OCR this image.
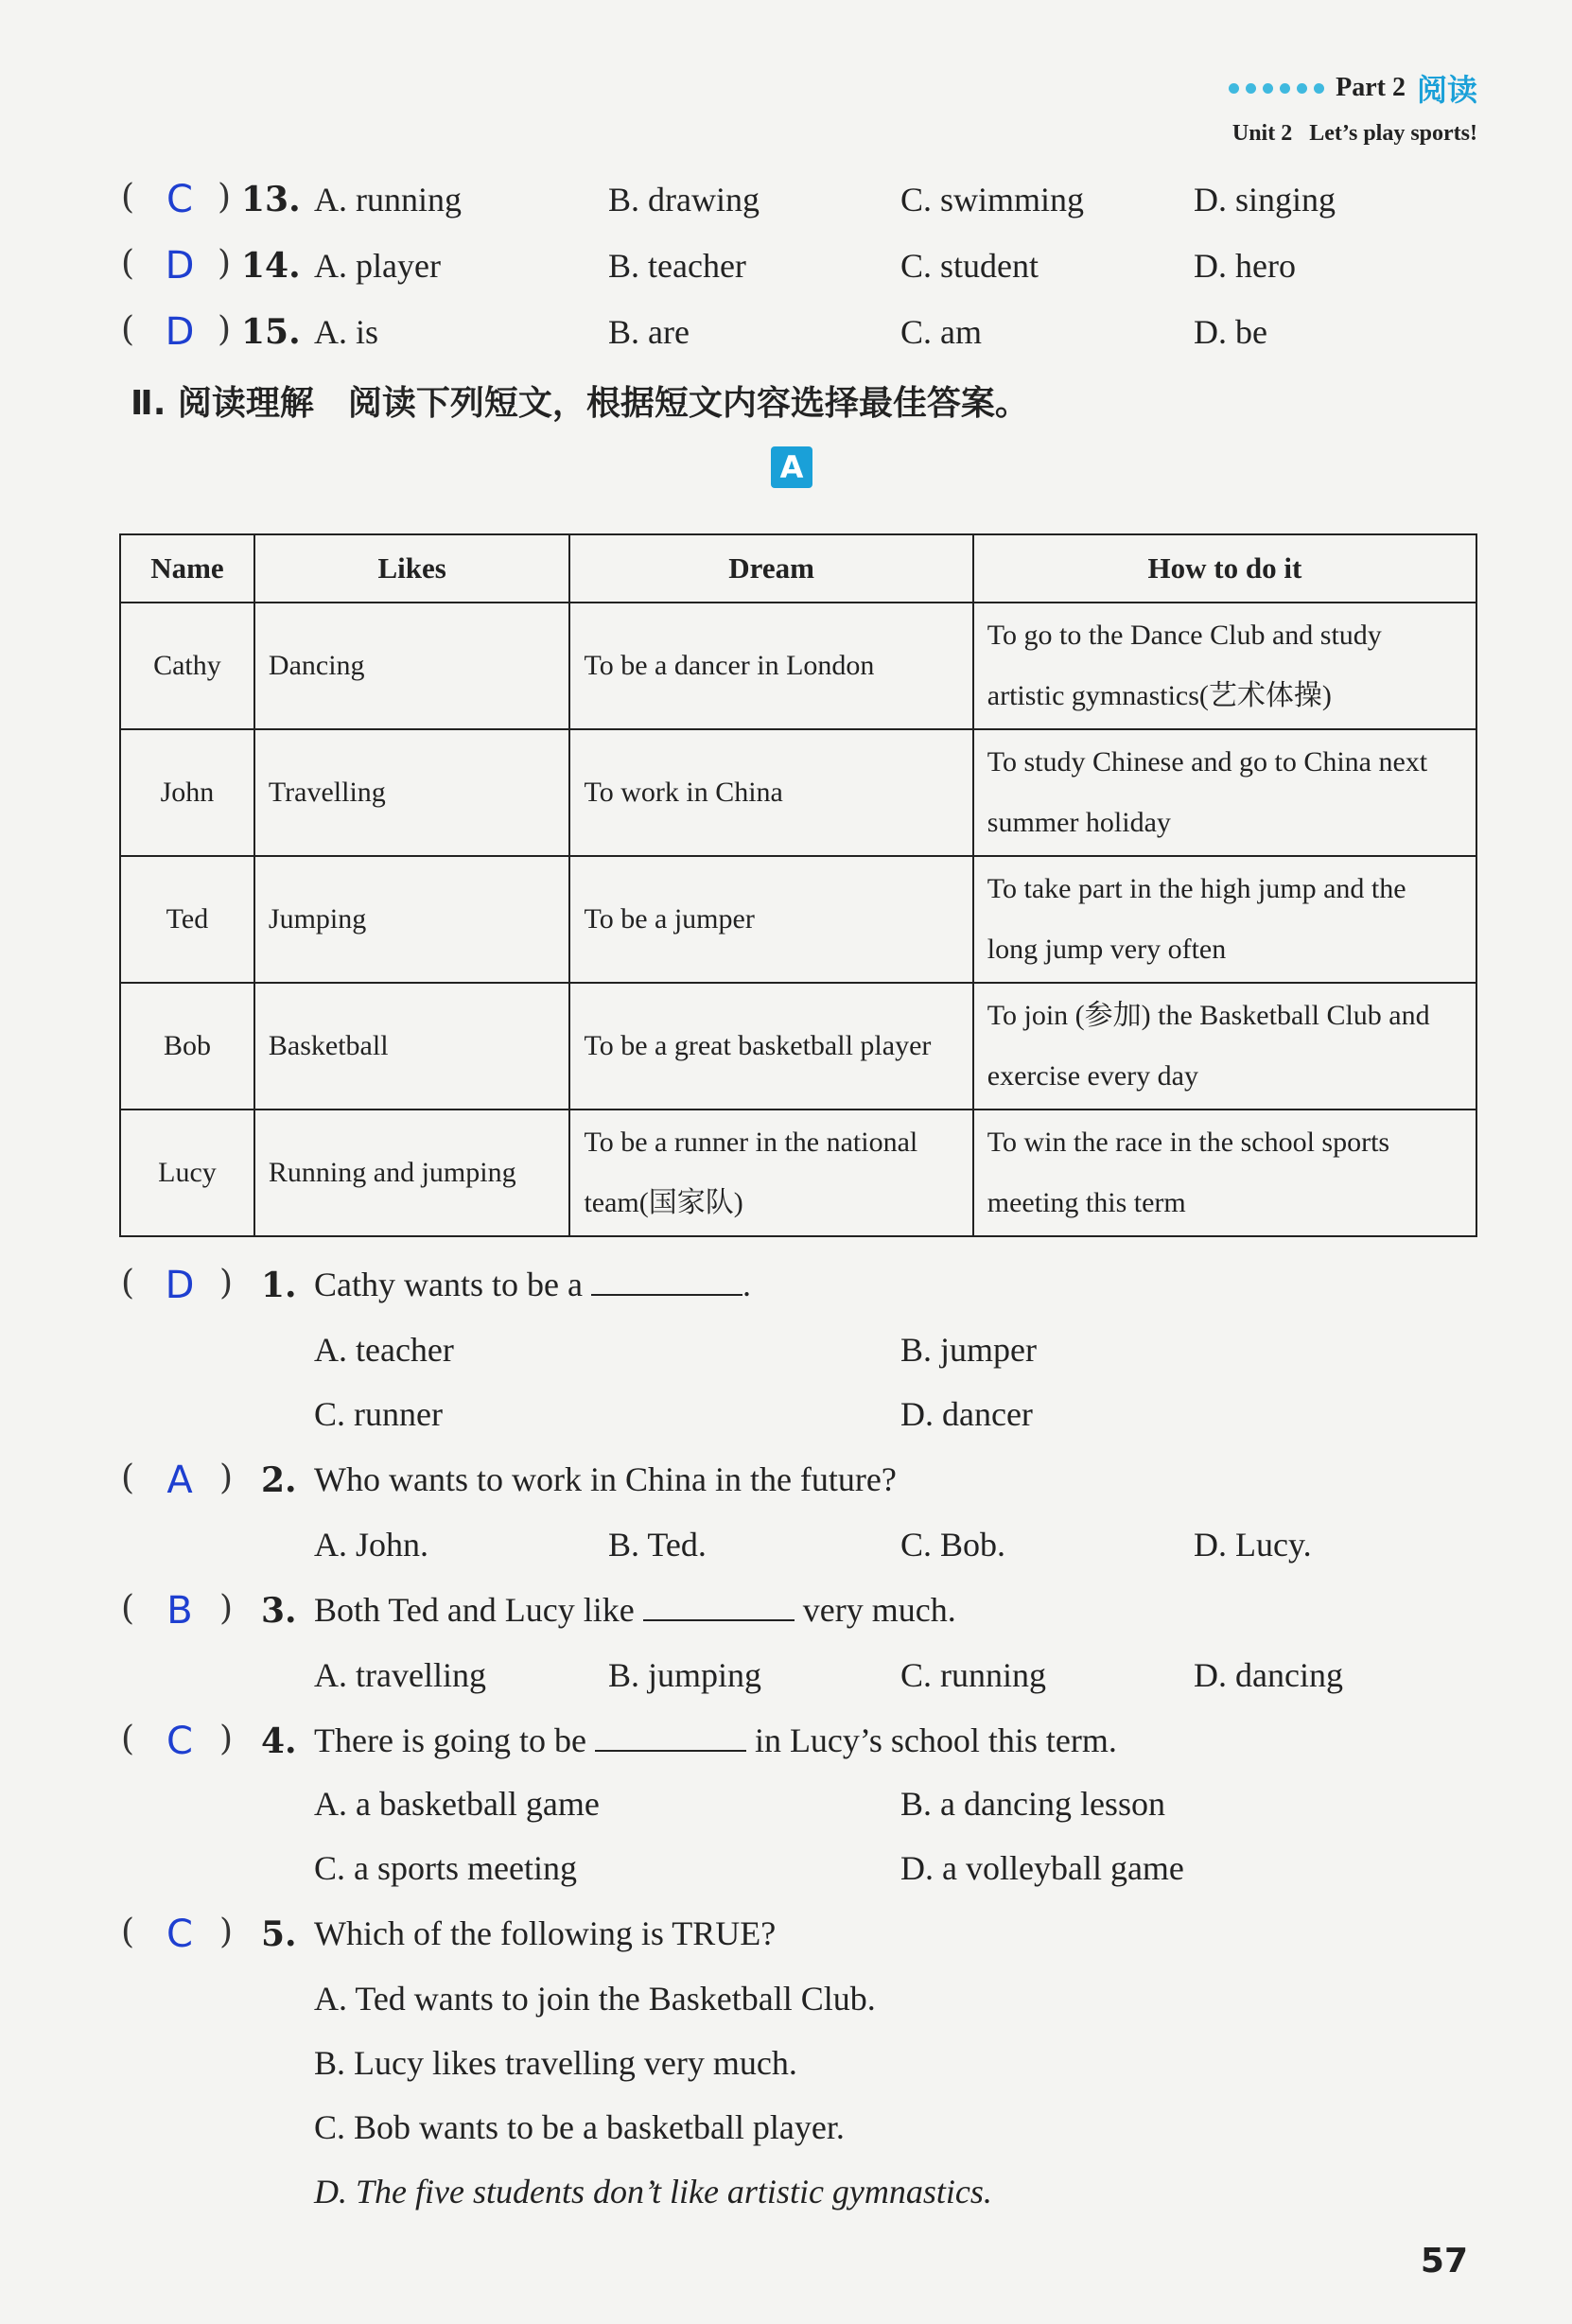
Part 2 阅读
Unit 2 Let’s play sports!
( C ) 13. A. running	B. drawing	C. swimming	D. singing
( D ) 14. A. player	B. teacher	C. student	D. hero
( D ) 15. A. is	B. are	C. am	D. be
Ⅱ. 阅读理解　阅读下列短文，根据短文内容选择最佳答案。
A
Name	Likes	Dream	How to do it
Cathy	Dancing	To be a dancer in London	To go to the Dance Club and study artistic gymnastics(艺术体操)
John	Travelling	To work in China	To study Chinese and go to China next summer holiday
Ted	Jumping	To be a jumper	To take part in the high jump and the long jump very often
Bob	Basketball	To be a great basketball player	To join (参加) the Basketball Club and exercise every day
Lucy	Running and jumping	To be a runner in the national team(国家队)	To win the race in the school sports meeting this term
( D ) 1. Cathy wants to be a	.
A. teacher	B. jumper
C. runner	D. dancer
( A ) 2. Who wants to work in China in the future?
A. John.	B. Ted.	C. Bob.	D. Lucy.
( B ) 3. Both Ted and Lucy like	very much.
A. travelling	B. jumping	C. running	D. dancing
( C ) 4. There is going to be	in Lucy’s school this term.
A. a basketball game	B. a dancing lesson
C. a sports meeting	D. a volleyball game
( C ) 5. Which of the following is TRUE?
A. Ted wants to join the Basketball Club.
B. Lucy likes travelling very much.
C. Bob wants to be a basketball player.
D. The five students don’t like artistic gymnastics.
57
